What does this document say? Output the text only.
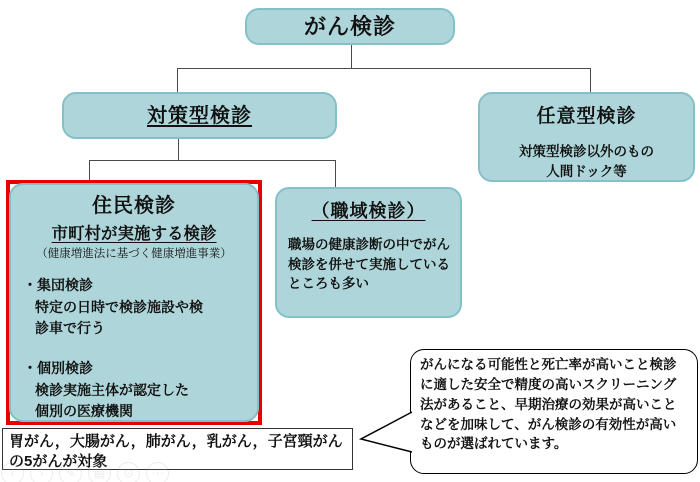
がん検診
対策型検診	任意型検診
対策型検診以外のもの
人間ドック等
住民検診
市町村が実施する検診
（健康増進法に基づく健康増進事業）
・集団検診
特定の日時で検診施設や検
診車で行う
・個別検診
検診実施主体が認定した
個別の医療機関
（職域検診）
職場の健康診断の中でがん検診を併せて実施しているところも多い
胃がん，大腸がん，肺がん，乳がん，子宮頸がんの5がんが対象
がんになる可能性と死亡率が高いこと検診に適した安全で精度の高いスクリーニング法があること、早期治療の効果が高いことなどを加味して、がん検診の有効性が高いものが選ばれています。
‹	›	✎	▤	⊙	⋯
